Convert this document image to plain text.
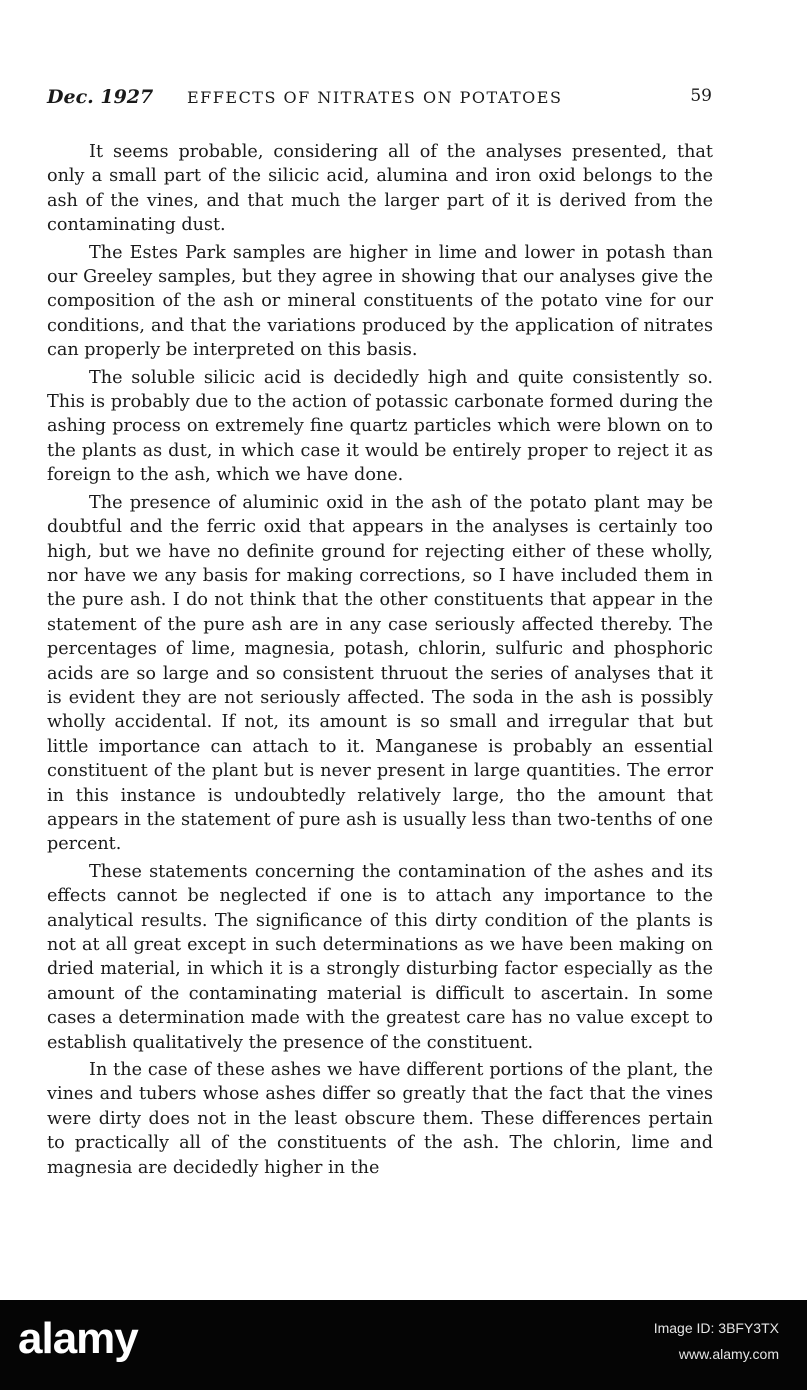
Dec. 1927 EFFECTS OF NITRATES ON POTATOES	59

It seems probable, considering all of the analyses presented, that only a small part of the silicic acid, alumina and iron oxid belongs to the ash of the vines, and that much the larger part of it is derived from the contaminating dust.

The Estes Park samples are higher in lime and lower in potash than our Greeley samples, but they agree in showing that our analyses give the composition of the ash or mineral constituents of the potato vine for our conditions, and that the variations produced by the application of nitrates can properly be interpreted on this basis.

The soluble silicic acid is decidedly high and quite consistently so. This is probably due to the action of potassic carbonate formed during the ashing process on extremely fine quartz particles which were blown on to the plants as dust, in which case it would be entirely proper to reject it as foreign to the ash, which we have done.

The presence of aluminic oxid in the ash of the potato plant may be doubtful and the ferric oxid that appears in the analyses is certainly too high, but we have no definite ground for rejecting either of these wholly, nor have we any basis for making corrections, so I have included them in the pure ash. I do not think that the other constituents that appear in the statement of the pure ash are in any case seriously affected thereby. The percentages of lime, magnesia, potash, chlorin, sulfuric and phosphoric acids are so large and so consistent thruout the series of analyses that it is evident they are not seriously affected. The soda in the ash is possibly wholly accidental. If not, its amount is so small and irregular that but little importance can attach to it. Manganese is probably an essential constituent of the plant but is never present in large quantities. The error in this instance is undoubtedly relatively large, tho the amount that appears in the statement of pure ash is usually less than two-tenths of one percent.

These statements concerning the contamination of the ashes and its effects cannot be neglected if one is to attach any importance to the analytical results. The significance of this dirty condition of the plants is not at all great except in such determinations as we have been making on dried material, in which it is a strongly disturbing factor especially as the amount of the contaminating material is difficult to ascertain. In some cases a determination made with the greatest care has no value except to establish qualitatively the presence of the constituent.

In the case of these ashes we have different portions of the plant, the vines and tubers whose ashes differ so greatly that the fact that the vines were dirty does not in the least obscure them. These differences pertain to practically all of the constituents of the ash. The chlorin, lime and magnesia are decidedly higher in the

alamy	Image ID: 3BFY3TX
www.alamy.com
